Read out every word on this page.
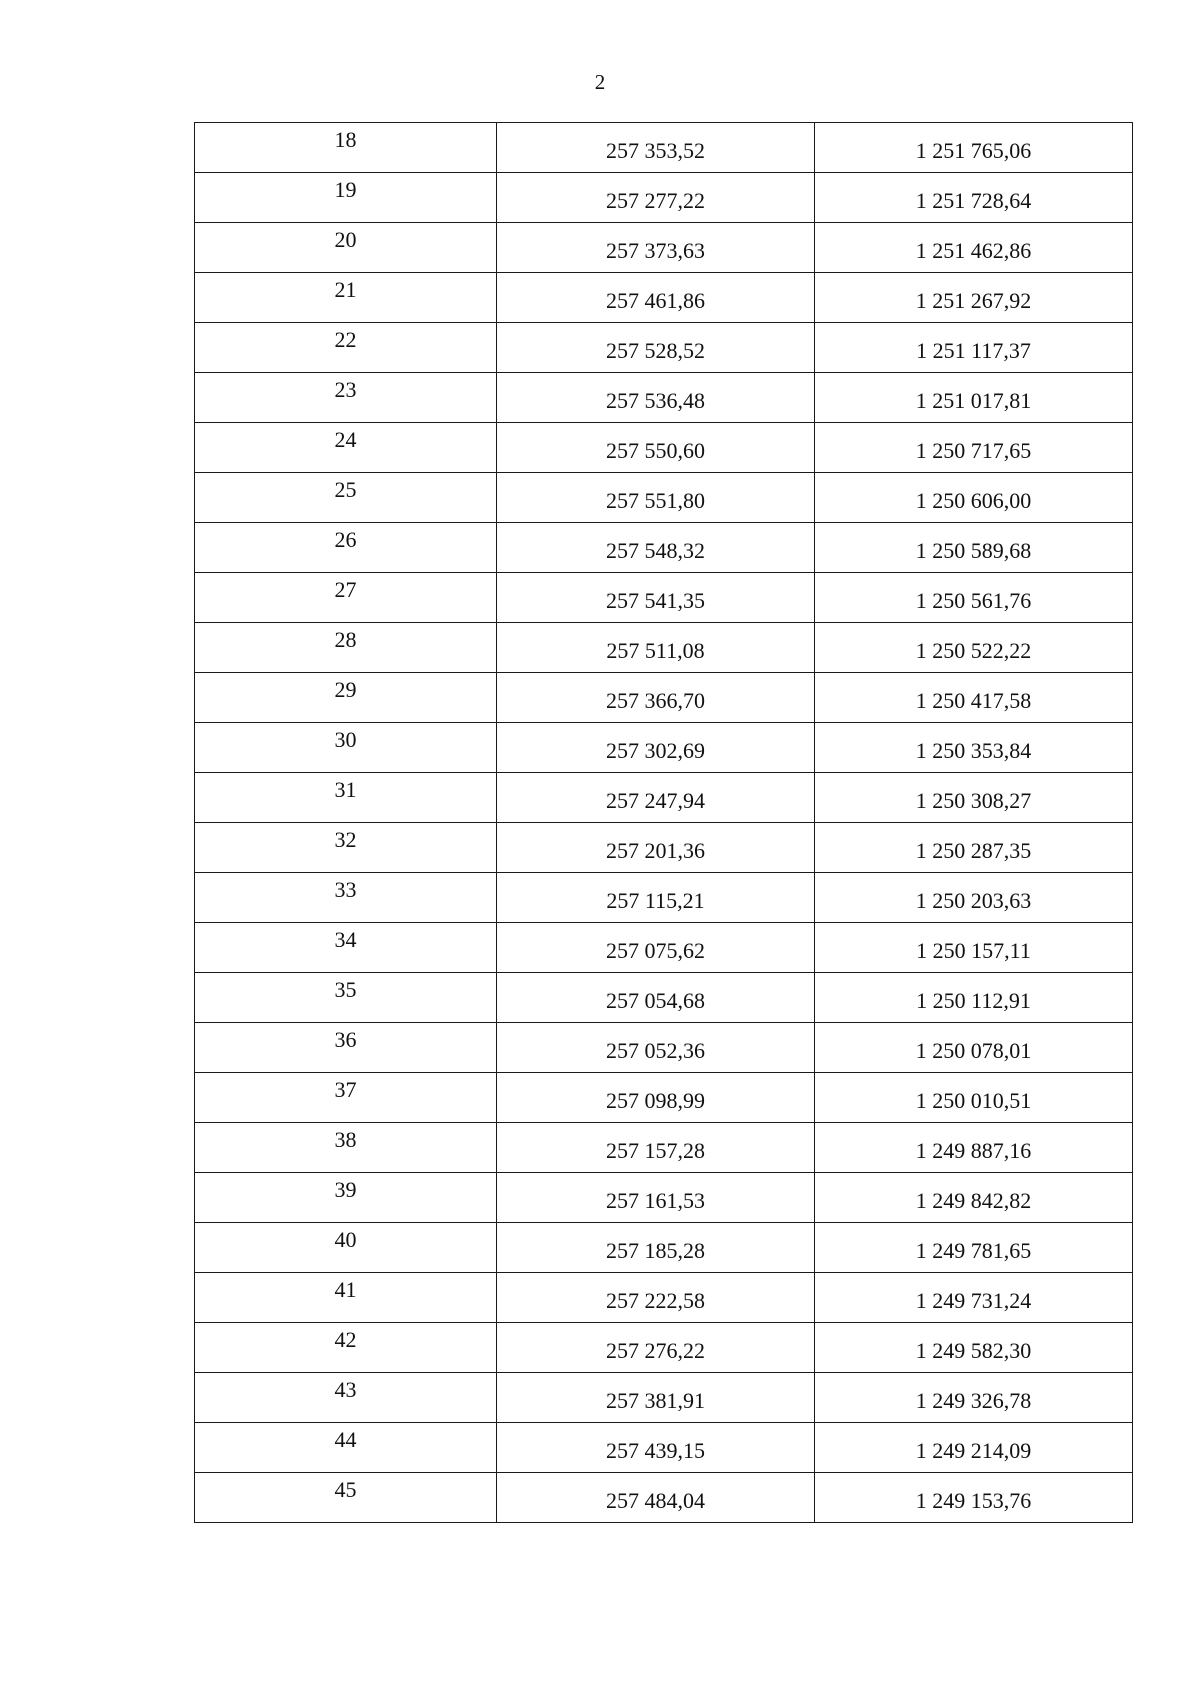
2
18	257 353,52	1 251 765,06
19	257 277,22	1 251 728,64
20	257 373,63	1 251 462,86
21	257 461,86	1 251 267,92
22	257 528,52	1 251 117,37
23	257 536,48	1 251 017,81
24	257 550,60	1 250 717,65
25	257 551,80	1 250 606,00
26	257 548,32	1 250 589,68
27	257 541,35	1 250 561,76
28	257 511,08	1 250 522,22
29	257 366,70	1 250 417,58
30	257 302,69	1 250 353,84
31	257 247,94	1 250 308,27
32	257 201,36	1 250 287,35
33	257 115,21	1 250 203,63
34	257 075,62	1 250 157,11
35	257 054,68	1 250 112,91
36	257 052,36	1 250 078,01
37	257 098,99	1 250 010,51
38	257 157,28	1 249 887,16
39	257 161,53	1 249 842,82
40	257 185,28	1 249 781,65
41	257 222,58	1 249 731,24
42	257 276,22	1 249 582,30
43	257 381,91	1 249 326,78
44	257 439,15	1 249 214,09
45	257 484,04	1 249 153,76
